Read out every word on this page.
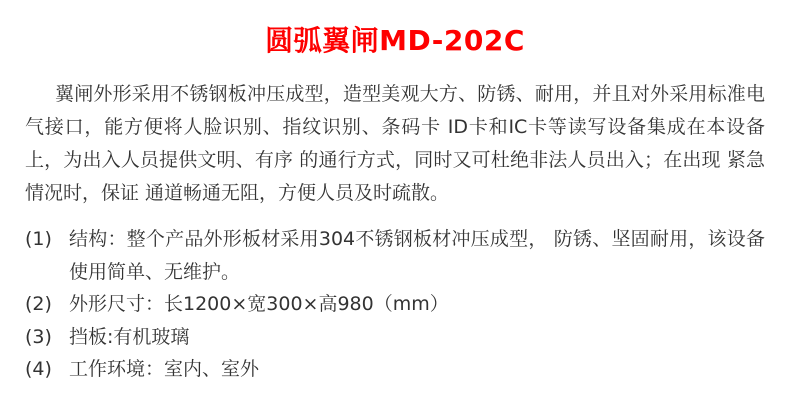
圆弧翼闸MD-202C

翼闸外形采用不锈钢板冲压成型，造型美观大方、防锈、耐用，并且对外采用标准电气接口，能方便将人脸识别、指纹识别、条码卡 ID卡和IC卡等读写设备集成在本设备上，为出入人员提供文明、有序 的通行方式，同时又可杜绝非法人员出入；在出现 紧急情况时，保证 通道畅通无阻，方便人员及时疏散。

(1) 结构：整个产品外形板材采用304不锈钢板材冲压成型， 防锈、坚固耐用，该设备使用简单、无维护。
(2) 外形尺寸：长1200×宽300×高980（mm）
(3) 挡板:有机玻璃
(4) 工作环境：室内、室外
